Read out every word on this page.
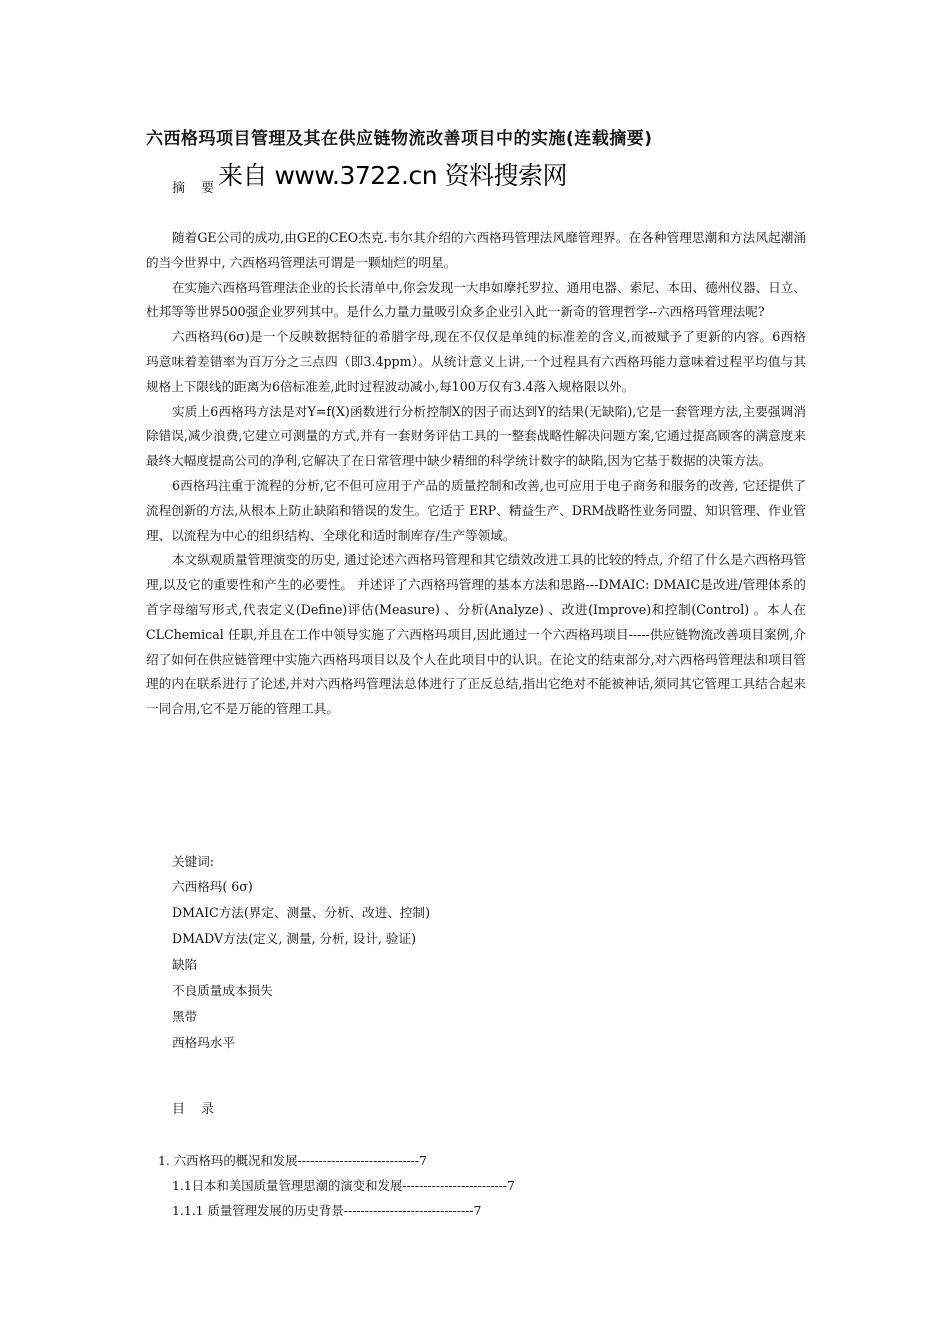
六西格玛项目管理及其在供应链物流改善项目中的实施(连载摘要)
来自 www.3722.cn 资料搜索网
摘 要

随着GE公司的成功,由GE的CEO杰克.韦尔其介绍的六西格玛管理法风靡管理界。在各种管理思潮和方法风起潮涌的当今世界中, 六西格玛管理法可谓是一颗灿烂的明星。

在实施六西格玛管理法企业的长长清单中,你会发现一大串如摩托罗拉、通用电器、索尼、本田、德州仪器、日立、杜邦等等世界500强企业罗列其中。是什么力量力量吸引众多企业引入此一新奇的管理哲学--六西格玛管理法呢?

六西格玛(6σ)是一个反映数据特征的希腊字母,现在不仅仅是单纯的标准差的含义,而被赋予了更新的内容。6西格玛意味着差错率为百万分之三点四（即3.4ppm）。从统计意义上讲,一个过程具有六西格玛能力意味着过程平均值与其规格上下限线的距离为6倍标准差,此时过程波动减小,每100万仅有3.4落入规格限以外。

实质上6西格玛方法是对Y=f(X)函数进行分析控制X的因子而达到Y的结果(无缺陷),它是一套管理方法,主要强调消除错误,减少浪费,它建立可测量的方式,并有一套财务评估工具的一整套战略性解决问题方案,它通过提高顾客的满意度来最终大幅度提高公司的净利,它解决了在日常管理中缺少精细的科学统计数字的缺陷,因为它基于数据的决策方法。

6西格玛注重于流程的分析,它不但可应用于产品的质量控制和改善,也可应用于电子商务和服务的改善, 它还提供了流程创新的方法,从根本上防止缺陷和错误的发生。它适于 ERP、精益生产、DRM战略性业务同盟、知识管理、作业管理、以流程为中心的组织结构、全球化和适时制库存/生产等领域。

本文纵观质量管理演变的历史, 通过论述六西格玛管理和其它绩效改进工具的比较的特点, 介绍了什么是六西格玛管理,以及它的重要性和产生的必要性。 并述评了六西格玛管理的基本方法和思路---DMAIC: DMAIC是改进/管理体系的首字母缩写形式,代表定义(Define)评估(Measure) 、分析(Analyze) 、改进(Improve)和控制(Control) 。本人在CLChemical 任职,并且在工作中领导实施了六西格玛项目,因此通过一个六西格玛项目-----供应链物流改善项目案例,介绍了如何在供应链管理中实施六西格玛项目以及个人在此项目中的认识。在论文的结束部分,对六西格玛管理法和项目管理的内在联系进行了论述,并对六西格玛管理法总体进行了正反总结,指出它绝对不能被神话,须同其它管理工具结合起来一同合用,它不是万能的管理工具。

关键词:
六西格玛( 6σ)
DMAIC方法(界定、测量、分析、改进、控制)
DMADV方法(定义, 测量, 分析, 设计, 验证)
缺陷
不良质量成本损失
黑带
西格玛水平
目 录
1. 六西格玛的概况和发展-----------------------------7
1.1日本和美国质量管理思潮的演变和发展-------------------------7
1.1.1 质量管理发展的历史背景-------------------------------7
